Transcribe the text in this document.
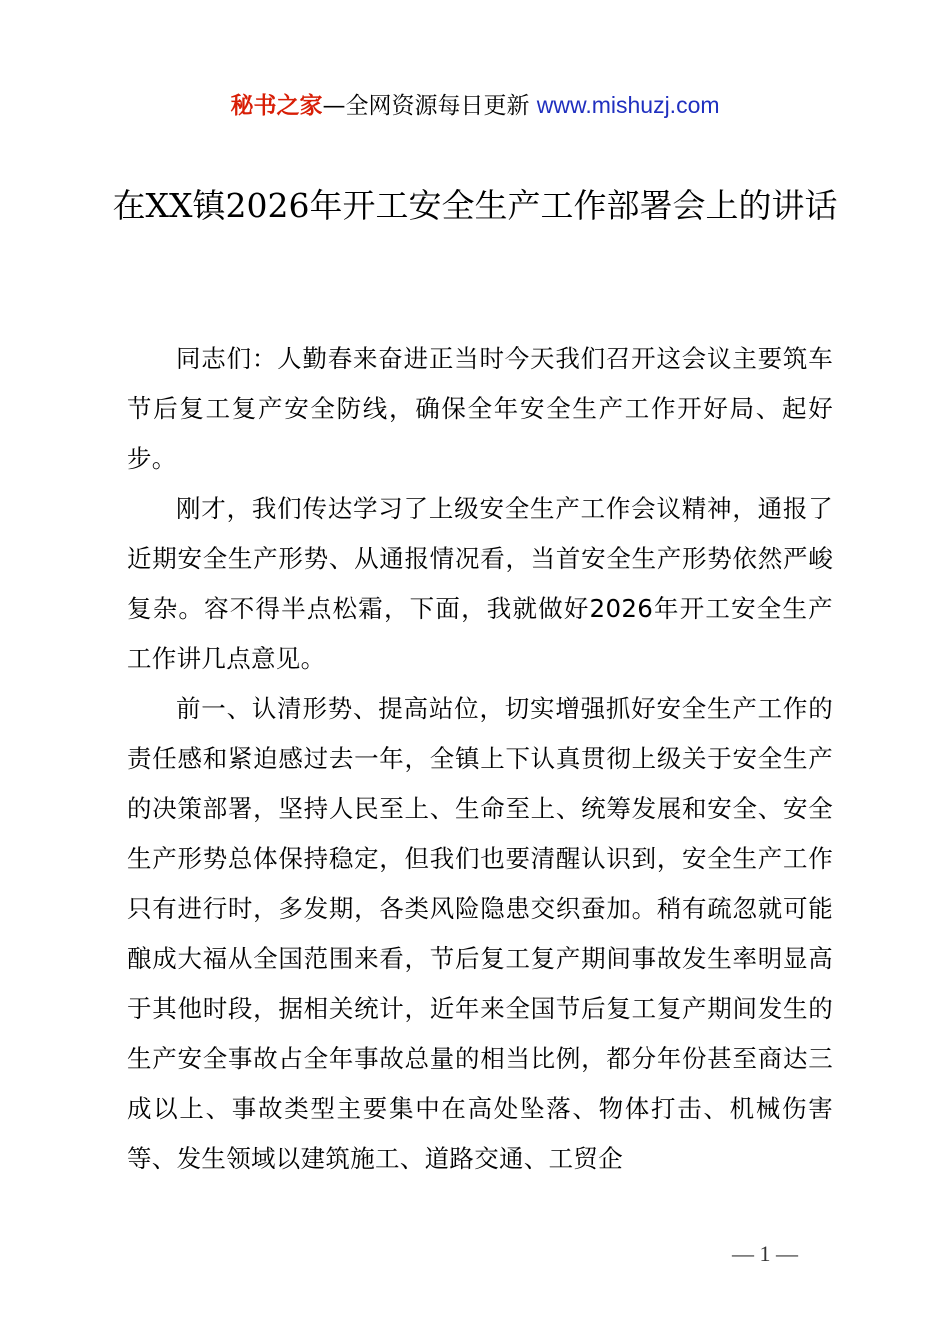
秘书之家—全网资源每日更新 www.mishuzj.com
在XX镇2026年开工安全生产工作部署会上的讲话

同志们：人勤春来奋进正当时今天我们召开这会议主要筑车节后复工复产安全防线，确保全年安全生产工作开好局、起好步。

刚才，我们传达学习了上级安全生产工作会议精神，通报了近期安全生产形势、从通报情况看，当首安全生产形势依然严峻复杂。容不得半点松霜，下面，我就做好2026年开工安全生产工作讲几点意见。

前一、认清形势、提高站位，切实增强抓好安全生产工作的责任感和紧迫感过去一年，全镇上下认真贯彻上级关于安全生产的决策部署，坚持人民至上、生命至上、统筹发展和安全、安全生产形势总体保持稳定，但我们也要清醒认识到，安全生产工作只有进行时，多发期，各类风险隐患交织蚕加。稍有疏忽就可能酿成大福从全国范围来看，节后复工复产期间事故发生率明显高于其他时段，据相关统计，近年来全国节后复工复产期间发生的生产安全事故占全年事故总量的相当比例，都分年份甚至商达三成以上、事故类型主要集中在高处坠落、物体打击、机械伤害等、发生领域以建筑施工、道路交通、工贸企

— 1 —
